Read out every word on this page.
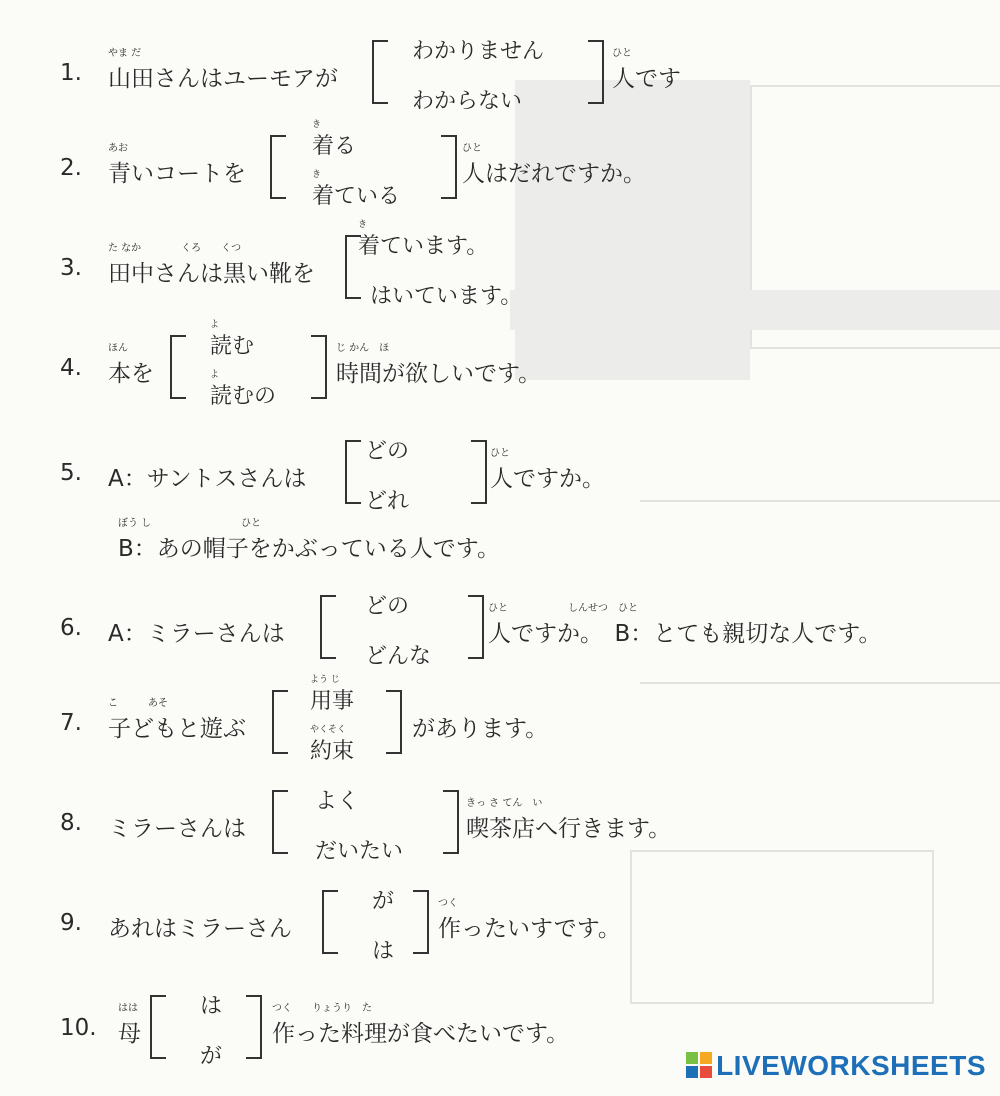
1.
やま だ
山田さんはユーモアが
わかりません
わからない
ひと
人です
2.
あお
青いコートを
き
着る
き
着ている
ひと
人はだれですか。
3.
た なか　　　　くろ　　くつ
田中さんは黒い靴を
き
着ています。
はいています。
4.
ほん
本を
よ
読む
よ
読むの
じ かん　ほ
時間が欲しいです。
5. A：サントスさんは
どの
どれ
ひと
人ですか。
ぼう し　　　　　　　　　ひと
B：あの帽子をかぶっている人です。
6. A：ミラーさんは
どの
どんな
ひと　　　　　　しんせつ　ひと
人ですか。　B：とても親切な人です。
7.
こ　　　あそ
子どもと遊ぶ
よう じ
用事
やくそく
約束
があります。
8. ミラーさんは
よく
だいたい
きっ さ てん　い
喫茶店へ行きます。
9. あれはミラーさん
が
は
つく
作ったいすです。
10.
はは
母
は
が
つく　　りょうり　た
作った料理が食べたいです。
LIVEWORKSHEETS
